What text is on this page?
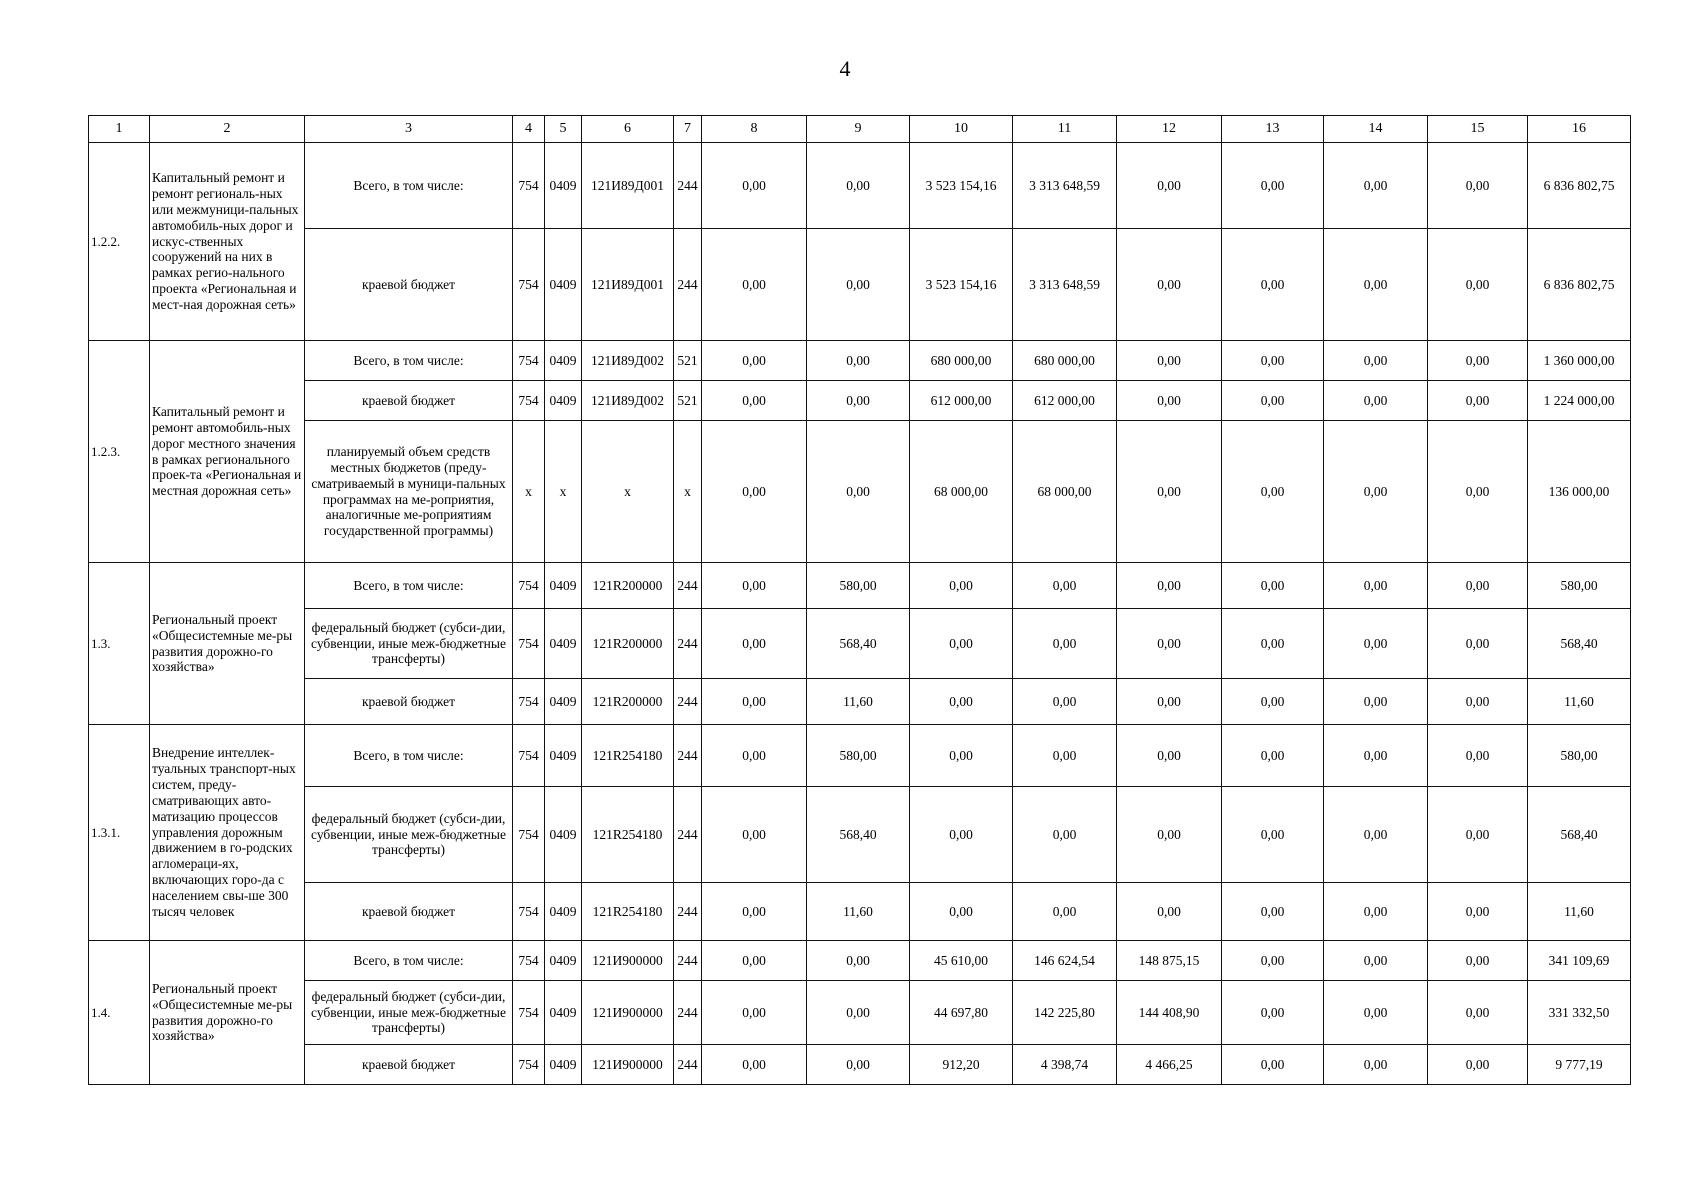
4
1	2	3	4	5	6	7	8	9	10	11	12	13	14	15	16
1.2.2.	Капитальный ремонт и ремонт региональ-ных или межмуници-пальных автомобиль-ных дорог и искус-ственных сооружений на них в рамках регио-нального проекта «Региональная и мест-ная дорожная сеть»	Всего, в том числе:	754	0409	121И89Д001	244	0,00	0,00	3 523 154,16	3 313 648,59	0,00	0,00	0,00	0,00	6 836 802,75
		краевой бюджет	754	0409	121И89Д001	244	0,00	0,00	3 523 154,16	3 313 648,59	0,00	0,00	0,00	0,00	6 836 802,75
1.2.3.	Капитальный ремонт и ремонт автомобиль-ных дорог местного значения в рамках регионального проек-та «Региональная и местная дорожная сеть»	Всего, в том числе:	754	0409	121И89Д002	521	0,00	0,00	680 000,00	680 000,00	0,00	0,00	0,00	0,00	1 360 000,00
		краевой бюджет	754	0409	121И89Д002	521	0,00	0,00	612 000,00	612 000,00	0,00	0,00	0,00	0,00	1 224 000,00
		планируемый объем средств местных бюджетов (преду-сматриваемый в муници-пальных программах на ме-роприятия, аналогичные ме-роприятиям государственной программы)	x	x	x	x	0,00	0,00	68 000,00	68 000,00	0,00	0,00	0,00	0,00	136 000,00
1.3.	Региональный проект «Общесистемные ме-ры развития дорожно-го хозяйства»	Всего, в том числе:	754	0409	121R200000	244	0,00	580,00	0,00	0,00	0,00	0,00	0,00	0,00	580,00
		федеральный бюджет (субси-дии, субвенции, иные меж-бюджетные трансферты)	754	0409	121R200000	244	0,00	568,40	0,00	0,00	0,00	0,00	0,00	0,00	568,40
		краевой бюджет	754	0409	121R200000	244	0,00	11,60	0,00	0,00	0,00	0,00	0,00	0,00	11,60
1.3.1.	Внедрение интеллек-туальных транспорт-ных систем, преду-сматривающих авто-матизацию процессов управления дорожным движением в го-родских агломераци-ях, включающих горо-да с населением свы-ше 300 тысяч человек	Всего, в том числе:	754	0409	121R254180	244	0,00	580,00	0,00	0,00	0,00	0,00	0,00	0,00	580,00
		федеральный бюджет (субси-дии, субвенции, иные меж-бюджетные трансферты)	754	0409	121R254180	244	0,00	568,40	0,00	0,00	0,00	0,00	0,00	0,00	568,40
		краевой бюджет	754	0409	121R254180	244	0,00	11,60	0,00	0,00	0,00	0,00	0,00	0,00	11,60
1.4.	Региональный проект «Общесистемные ме-ры развития дорожно-го хозяйства»	Всего, в том числе:	754	0409	121И900000	244	0,00	0,00	45 610,00	146 624,54	148 875,15	0,00	0,00	0,00	341 109,69
		федеральный бюджет (субси-дии, субвенции, иные меж-бюджетные трансферты)	754	0409	121И900000	244	0,00	0,00	44 697,80	142 225,80	144 408,90	0,00	0,00	0,00	331 332,50
		краевой бюджет	754	0409	121И900000	244	0,00	0,00	912,20	4 398,74	4 466,25	0,00	0,00	0,00	9 777,19
